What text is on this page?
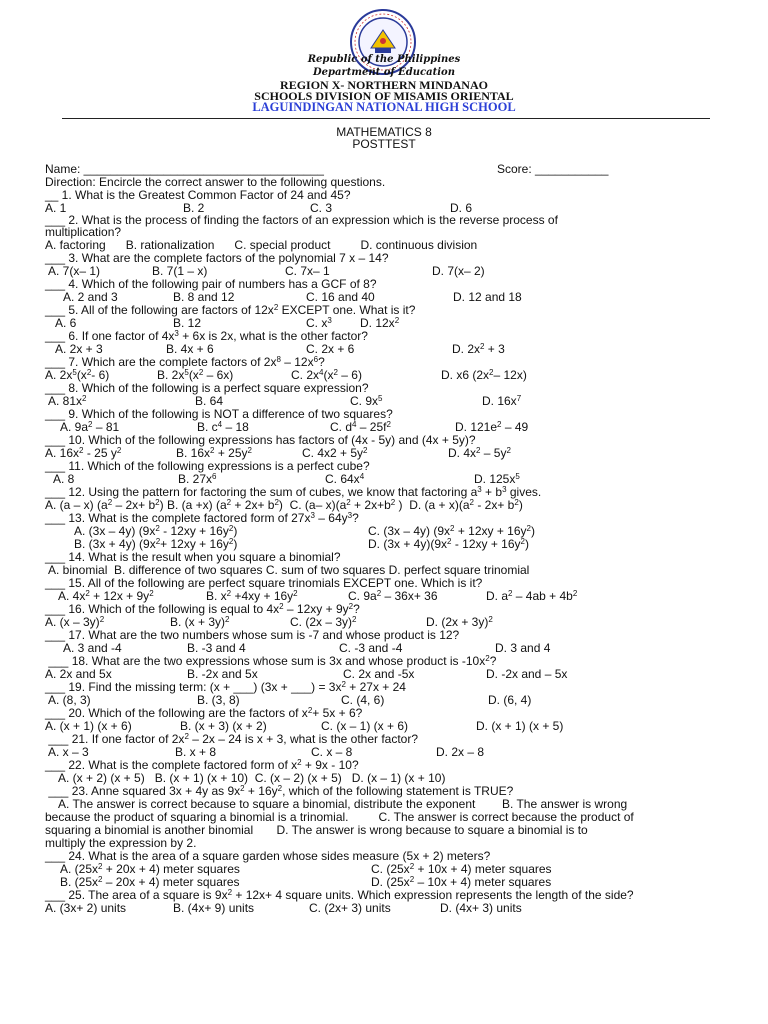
Republic of the Philippines
Department of Education
REGION X- NORTHERN MINDANAO
SCHOOLS DIVISION OF MISAMIS ORIENTAL
LAGUINDINGAN NATIONAL HIGH SCHOOL
MATHEMATICS 8
POSTTEST
Name: ____________________________________	Score: ___________
Direction: Encircle the correct answer to the following questions.
__ 1. What is the Greatest Common Factor of 24 and 45?
A. 1	B. 2	C. 3	D. 6
___ 2. What is the process of finding the factors of an expression which is the reverse process of
multiplication?
A. factoring      B. rationalization      C. special product         D. continuous division
___ 3. What are the complete factors of the polynomial 7 x – 14?
A. 7(x– 1)	B. 7(1 – x)	C. 7x– 1	D. 7(x– 2)
___ 4. Which of the following pair of numbers has a GCF of 8?
A. 2 and 3	B. 8 and 12	C. 16 and 40	D. 12 and 18
___ 5. All of the following are factors of $12x^2$ EXCEPT one. What is it?
A. 6	B. 12	C. $x^3$ D. $12x^2$
___ 6. If one factor of $4x^3 + 6x$ is 2x, what is the other factor?
A. 2x + 3	B. 4x + 6	C. 2x + 6	D. $2x^2 + 3$
___ 7. Which are the complete factors of $2x^8 - 12x^6$?
A. $2x^5(x^2-$ 6)	B. $2x^5(x^2 - 6x)$	C. $2x^4(x^2 - 6)$	D. x6 ($2x^2-$ 12x)
___ 8. Which of the following is a perfect square expression?
A. $81x^2$	B. 64	C. $9x^5$	D. $16x^7$
___ 9. Which of the following is NOT a difference of two squares?
A. $9a^2 - 81$	B. $c^4 - 18$	C. $d^4 - 25f^2$	D. $121e^2 - 49$
___ 10. Which of the following expressions has factors of (4x - 5y) and (4x + 5y)?
A. $16x^2 - 25$ $y^2$	B. $16x^2 + 25y^2$	C. $4x2 + 5y^2$	D. $4x^2 - 5y^2$
___ 11. Which of the following expressions is a perfect cube?
A. 8	B. $27x^6$	C. $64x^4$	D. $125x^5$
___ 12. Using the pattern for factoring the sum of cubes, we know that factoring $a^3 + b^3$ gives.
A. (a – x) $(a^2 - 2x+ b^2)$ B. (a +x) $(a^2 + 2x+ b^2)$  C. (a– $x)(a^2 + 2x+b^2$ )  D. $(a + x)(a^2 - 2x+ b^2)$
___ 13. What is the complete factored form of $27x^3 - 64y^3$?
A. (3x – 4y) $(9x^2 - 12xy + 16y^2)$	C. (3x – 4y) $(9x^2 + 12xy + 16y^2)$
B. (3x + 4y) $(9x^2+ 12xy + 16y^2)$	D. $(3x + 4y)(9x^2 - 12xy + 16y^2)$
___ 14. What is the result when you square a binomial?
A. binomial  B. difference of two squares C. sum of two squares D. perfect square trinomial
___ 15. All of the following are perfect square trinomials EXCEPT one. Which is it?
A. $4x^2 + 12x + 9y^2$	B. $x^2 +4xy + 16y^2$	C. $9a^2 - 36x+ 36$	D. $a^2 - 4ab + 4b^2$
___ 16. Which of the following is equal to $4x^2 - 12xy + 9y^2$?
A. (x – 3y)$^2$	B. $(x + 3y)^2$	C. (2x – 3y)$^2$	D. $(2x + 3y)^2$
___ 17. What are the two numbers whose sum is -7 and whose product is 12?
A. 3 and -4	B. -3 and 4	C. -3 and -4	D. 3 and 4
___ 18. What are the two expressions whose sum is 3x and whose product is $-10x^2$?
A. 2x and 5x	B. -2x and 5x	C. 2x and -5x	D. -2x and – 5x
___ 19. Find the missing term: (x + ___) (3x + ___) = $3x^2 + 27x + 24$
A. (8, 3)	B. (3, 8)	C. (4, 6)	D. (6, 4)
___ 20. Which of the following are the factors of $x^2+ 5x + 6$?
A. (x + 1) (x + 6)	B. (x + 3) (x + 2)	C. (x – 1) (x + 6)	D. (x + 1) (x + 5)
___ 21. If one factor of $2x^2 - 2x - 24$ is x + 3, what is the other factor?
A. x – 3	B. x + 8	C. x – 8	D. 2x – 8
___ 22. What is the complete factored form of $x^2 + 9x - 10$?
A. (x + 2) (x + 5)   B. (x + 1) (x + 10)  C. (x – 2) (x + 5)   D. (x – 1) (x + 10)
___ 23. Anne squared 3x + 4y as $9x^2 + 16y^2$, which of the following statement is TRUE?
A. The answer is correct because to square a binomial, distribute the exponent        B. The answer is wrong
because the product of squaring a binomial is a trinomial.         C. The answer is correct because the product of
squaring a binomial is another binomial       D. The answer is wrong because to square a binomial is to
multiply the expression by 2.
___ 24. What is the area of a square garden whose sides measure (5x + 2) meters?
A. $(25x^2 + 20x + 4)$ meter squares	C. $(25x^2 + 10x + 4)$ meter squares
B. $(25x^2 - 20x + 4)$ meter squares	D. $(25x^2 - 10x + 4)$ meter squares
___ 25. The area of a square is $9x^2 + 12x+ 4$ square units. Which expression represents the length of the side?
A. (3x+ 2) units	B. (4x+ 9) units	C. (2x+ 3) units	D. (4x+ 3) units
